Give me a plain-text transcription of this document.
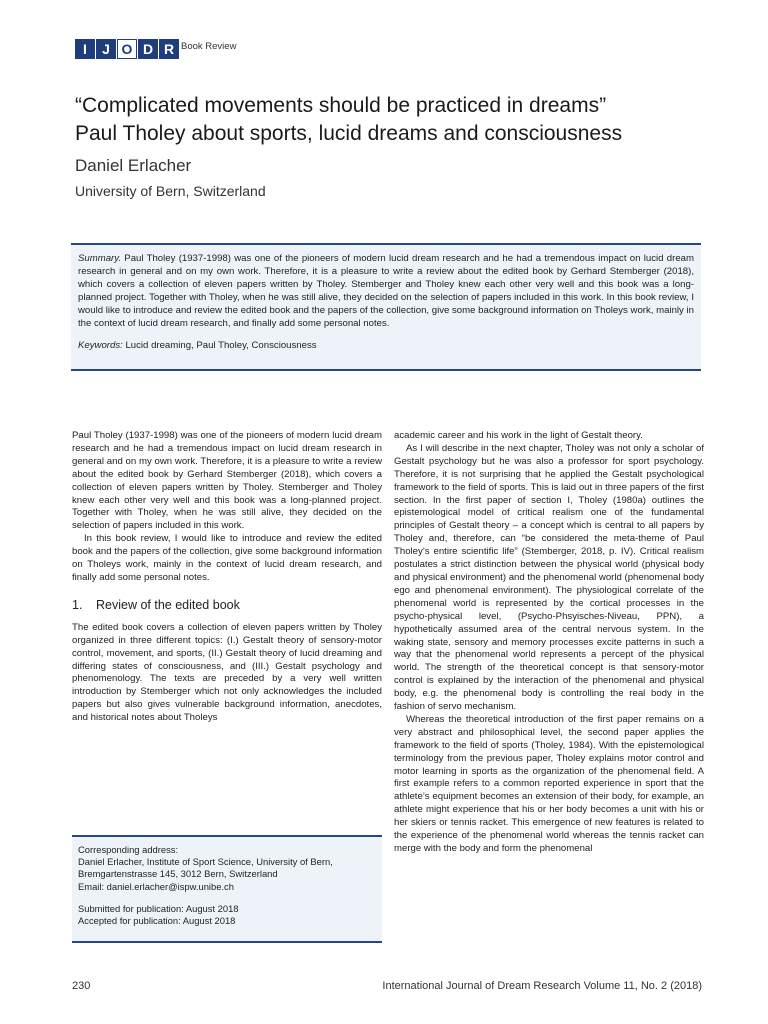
I	J O D R Book Review
“Complicated movements should be practiced in dreams”
Paul Tholey about sports, lucid dreams and consciousness
Daniel Erlacher
University of Bern, Switzerland

Summary. Paul Tholey (1937-1998) was one of the pioneers of modern lucid dream research and he had a tremendous impact on lucid dream research in general and on my own work. Therefore, it is a pleasure to write a review about the edited book by Gerhard Stemberger (2018), which covers a collection of eleven papers written by Tholey. Stemberger and Tholey knew each other very well and this book was a long-planned project. Together with Tholey, when he was still alive, they decided on the selection of papers included in this work. In this book review, I would like to introduce and review the edited book and the papers of the collection, give some background information on Tholeys work, mainly in the context of lucid dream research, and finally add some personal notes.

Keywords: Lucid dreaming, Paul Tholey, Consciousness

Paul Tholey (1937-1998) was one of the pioneers of modern lucid dream research and he had a tremendous impact on lucid dream research in general and on my own work. Therefore, it is a pleasure to write a review about the edited book by Gerhard Stemberger (2018), which covers a collection of eleven papers written by Tholey. Stemberger and Tholey knew each other very well and this book was a long-planned project. Together with Tholey, when he was still alive, they decided on the selection of papers included in this work.

In this book review, I would like to introduce and review the edited book and the papers of the collection, give some background information on Tholeys work, mainly in the context of lucid dream research, and finally add some personal notes.

1. Review of the edited book

The edited book covers a collection of eleven papers written by Tholey organized in three different topics: (I.) Gestalt theory of sensory-motor control, movement, and sports, (II.) Gestalt theory of lucid dreaming and differing states of consciousness, and (III.) Gestalt psychology and phenomenology. The texts are preceded by a very well written introduction by Stemberger which not only acknowledges the included papers but also gives vulnerable background information, anecdotes, and historical notes about Tholeys

academic career and his work in the light of Gestalt theory.

As I will describe in the next chapter, Tholey was not only a scholar of Gestalt psychology but he was also a professor for sport psychology. Therefore, it is not surprising that he applied the Gestalt psychological framework to the field of sports. This is laid out in three papers of the first section. In the first paper of section I, Tholey (1980a) outlines the epistemological model of critical realism one of the fundamental principles of Gestalt theory – a concept which is central to all papers by Tholey and, therefore, can “be considered the meta-theme of Paul Tholey’s entire scientific life” (Stemberger, 2018, p. IV). Critical realism postulates a strict distinction between the physical world (physical body and physical environment) and the phenomenal world (phenomenal body ego and phenomenal environment). The physiological correlate of the phenomenal world is represented by the cortical processes in the psycho-physical level, (Psycho-Phsyisches-Niveau, PPN), a hypothetically assumed area of the central nervous system. In the waking state, sensory and memory processes excite patterns in such a way that the phenomenal world represents a percept of the physical world. The strength of the theoretical concept is that sensory-motor control is explained by the interaction of the phenomenal and physical body, e.g. the phenomenal body is controlling the real body in the fashion of servo mechanism.

Whereas the theoretical introduction of the first paper remains on a very abstract and philosophical level, the second paper applies the framework to the field of sports (Tholey, 1984). With the epistemological terminology from the previous paper, Tholey explains motor control and motor learning in sports as the organization of the phenomenal field. A first example refers to a common reported experience in sport that the athlete’s equipment becomes an extension of their body, for example, an athlete might experience that his or her body becomes a unit with his or her skiers or tennis racket. This emergence of new features is related to the experience of the phenomenal world whereas the tennis racket can merge with the body and form the phenomenal

Corresponding address:
Daniel Erlacher, Institute of Sport Science, University of Bern,
Bremgartenstrasse 145, 3012 Bern, Switzerland
Email: daniel.erlacher@ispw.unibe.ch
Submitted for publication: August 2018
Accepted for publication: August 2018
230	International Journal of Dream Research Volume 11, No. 2 (2018)
